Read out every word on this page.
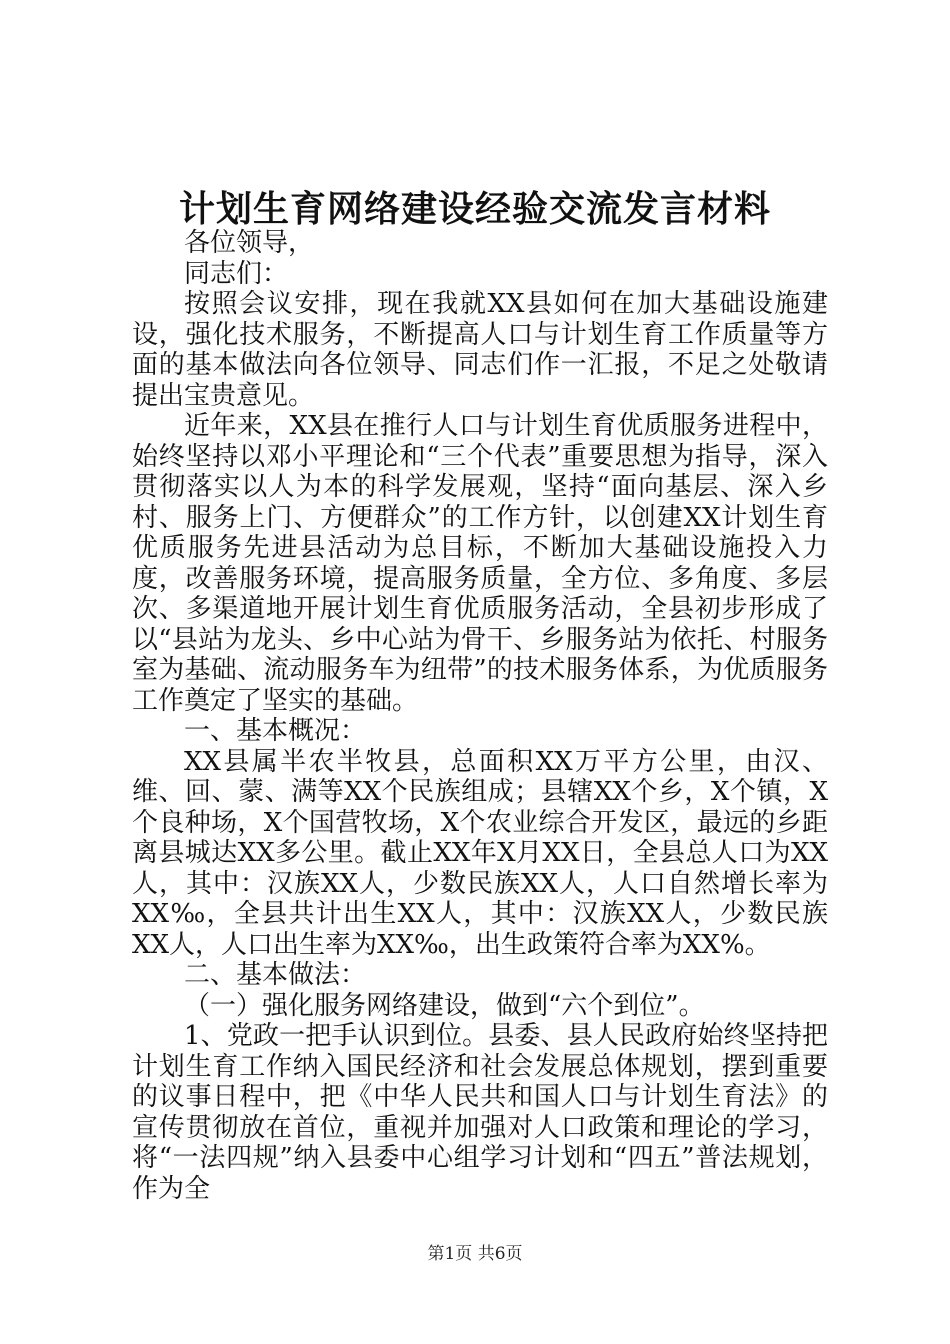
计划生育网络建设经验交流发言材料

各位领导，

同志们：

按照会议安排，现在我就XX县如何在加大基础设施建设，强化技术服务，不断提高人口与计划生育工作质量等方面的基本做法向各位领导、同志们作一汇报，不足之处敬请提出宝贵意见。

近年来，XX县在推行人口与计划生育优质服务进程中，始终坚持以邓小平理论和“三个代表”重要思想为指导，深入贯彻落实以人为本的科学发展观，坚持“面向基层、深入乡村、服务上门、方便群众”的工作方针，以创建XX计划生育优质服务先进县活动为总目标，不断加大基础设施投入力度，改善服务环境，提高服务质量，全方位、多角度、多层次、多渠道地开展计划生育优质服务活动，全县初步形成了以“县站为龙头、乡中心站为骨干、乡服务站为依托、村服务室为基础、流动服务车为纽带”的技术服务体系，为优质服务工作奠定了坚实的基础。

一、基本概况：

XX县属半农半牧县，总面积XX万平方公里，由汉、维、回、蒙、满等XX个民族组成；县辖XX个乡，X个镇，X个良种场，X个国营牧场，X个农业综合开发区，最远的乡距离县城达XX多公里。截止XX年X月XX日，全县总人口为XX人，其中：汉族XX人，少数民族XX人，人口自然增长率为XX‰，全县共计出生XX人，其中：汉族XX人，少数民族XX人，人口出生率为XX‰，出生政策符合率为XX%。

二、基本做法：

（一）强化服务网络建设，做到“六个到位”。

1、党政一把手认识到位。县委、县人民政府始终坚持把计划生育工作纳入国民经济和社会发展总体规划，摆到重要的议事日程中，把《中华人民共和国人口与计划生育法》的宣传贯彻放在首位，重视并加强对人口政策和理论的学习，将“一法四规”纳入县委中心组学习计划和“四五”普法规划，作为全

第1页 共6页
